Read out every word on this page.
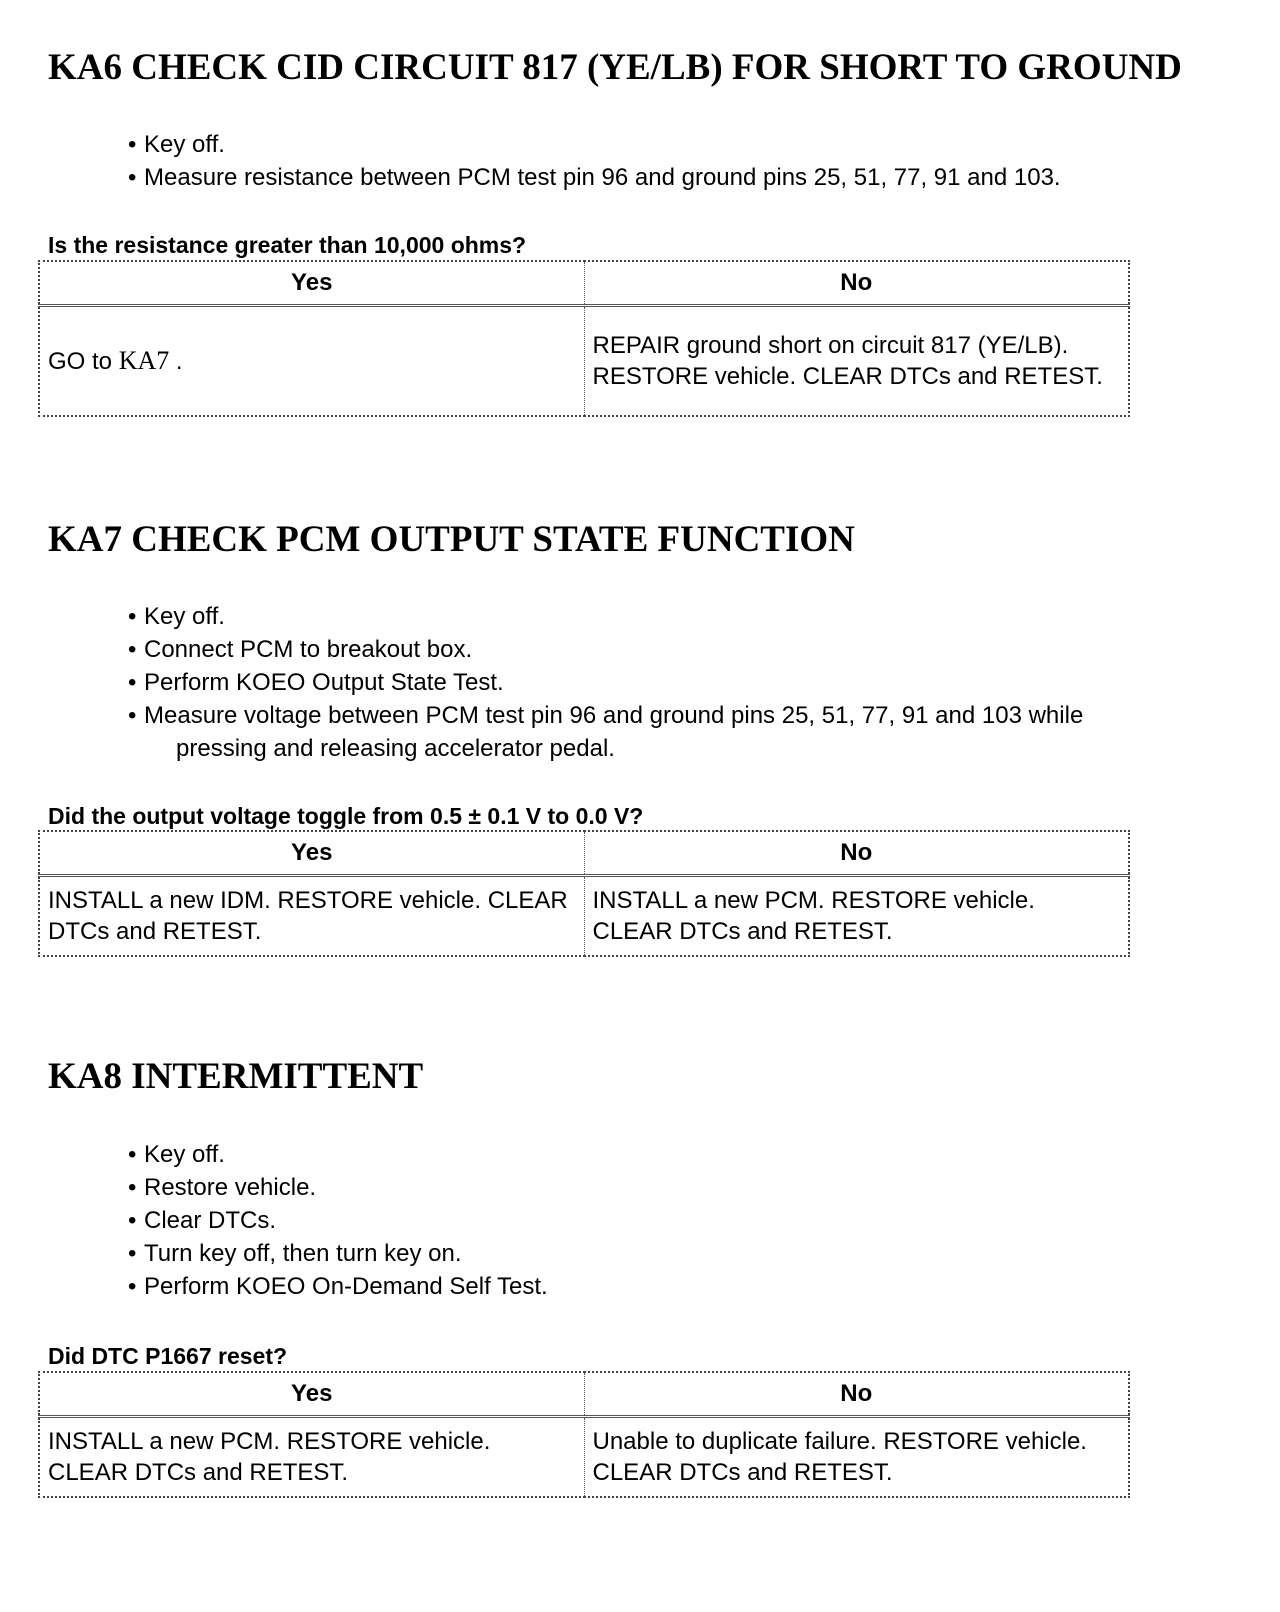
KA6 CHECK CID CIRCUIT 817 (YE/LB) FOR SHORT TO GROUND
• Key off.
• Measure resistance between PCM test pin 96 and ground pins 25, 51, 77, 91 and 103.

Is the resistance greater than 10,000 ohms?

Yes	No
GO to KA7 .	REPAIR ground short on circuit 817 (YE/LB). RESTORE vehicle. CLEAR DTCs and RETEST.
KA7 CHECK PCM OUTPUT STATE FUNCTION
• Key off.
• Connect PCM to breakout box.
• Perform KOEO Output State Test.
• Measure voltage between PCM test pin 96 and ground pins 25, 51, 77, 91 and 103 while
pressing and releasing accelerator pedal.

Did the output voltage toggle from 0.5 ± 0.1 V to 0.0 V?

Yes	No
INSTALL a new IDM. RESTORE vehicle. CLEAR DTCs and RETEST.	INSTALL a new PCM. RESTORE vehicle. CLEAR DTCs and RETEST.
KA8 INTERMITTENT
• Key off.
• Restore vehicle.
• Clear DTCs.
• Turn key off, then turn key on.
• Perform KOEO On-Demand Self Test.

Did DTC P1667 reset?

Yes	No
INSTALL a new PCM. RESTORE vehicle. CLEAR DTCs and RETEST.	Unable to duplicate failure. RESTORE vehicle. CLEAR DTCs and RETEST.
